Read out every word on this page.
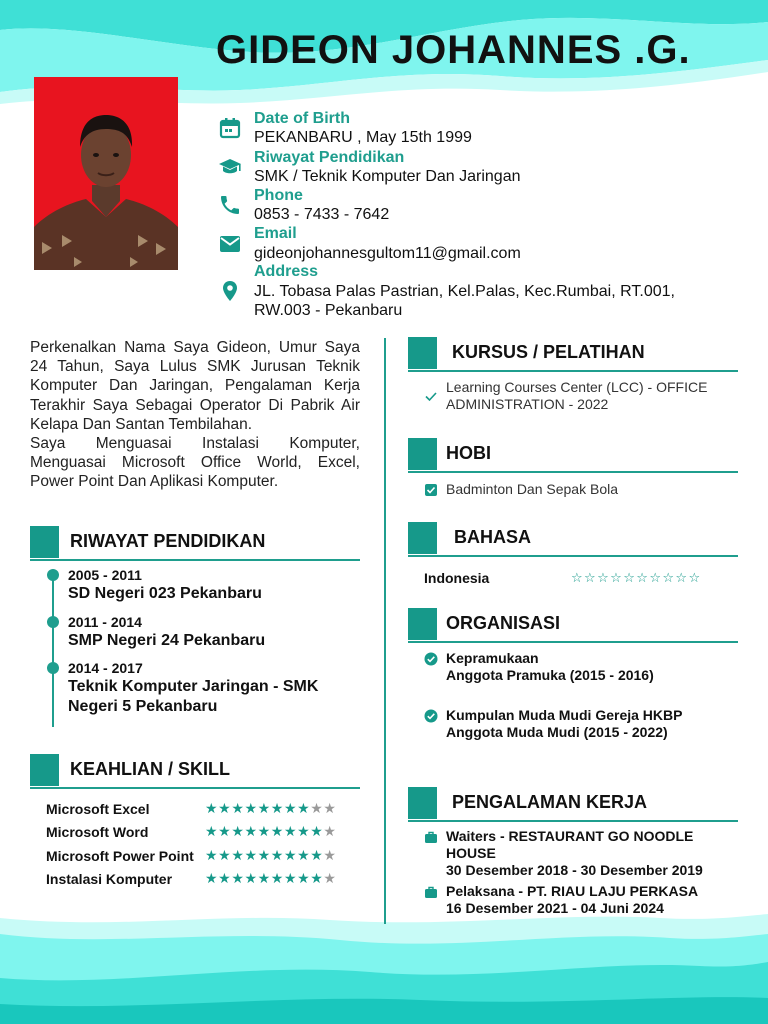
GIDEON JOHANNES .G.
Date of Birth
PEKANBARU , May 15th 1999
Riwayat Pendidikan
SMK / Teknik Komputer Dan Jaringan
Phone
0853 - 7433 - 7642
Email
gideonjohannesgultom11@gmail.com
Address
JL. Tobasa Palas Pastrian, Kel.Palas, Kec.Rumbai, RT.001,
RW.003 - Pekanbaru

Perkenalkan Nama Saya Gideon, Umur Saya 24 Tahun, Saya Lulus SMK Jurusan Teknik Komputer Dan Jaringan, Pengalaman Kerja Terakhir Saya Sebagai Operator Di Pabrik Air Kelapa Dan Santan Tembilahan.

Saya Menguasai Instalasi Komputer, Menguasai Microsoft Office World, Excel, Power Point Dan Aplikasi Komputer.

RIWAYAT PENDIDIKAN
2005 - 2011
SD Negeri 023 Pekanbaru
2011 - 2014
SMP Negeri 24 Pekanbaru
2014 - 2017
Teknik Komputer Jaringan - SMK Negeri 5 Pekanbaru
KEAHLIAN / SKILL
Microsoft Excel	★★★★★★★★★★
Microsoft Word	★★★★★★★★★★
Microsoft Power Point ★★★★★★★★★★
Instalasi Komputer ★★★★★★★★★★
KURSUS / PELATIHAN
Learning Courses Center (LCC) - OFFICE
ADMINISTRATION - 2022
HOBI
Badminton Dan Sepak Bola
BAHASA
Indonesia	☆☆☆☆☆☆☆☆☆☆
ORGANISASI
Kepramukaan
Anggota Pramuka (2015 - 2016)
Kumpulan Muda Mudi Gereja HKBP
Anggota Muda Mudi (2015 - 2022)
PENGALAMAN KERJA
Waiters - RESTAURANT GO NOODLE
HOUSE
30 Desember 2018 - 30 Desember 2019
Pelaksana - PT. RIAU LAJU PERKASA
16 Desember 2021 - 04 Juni 2024
